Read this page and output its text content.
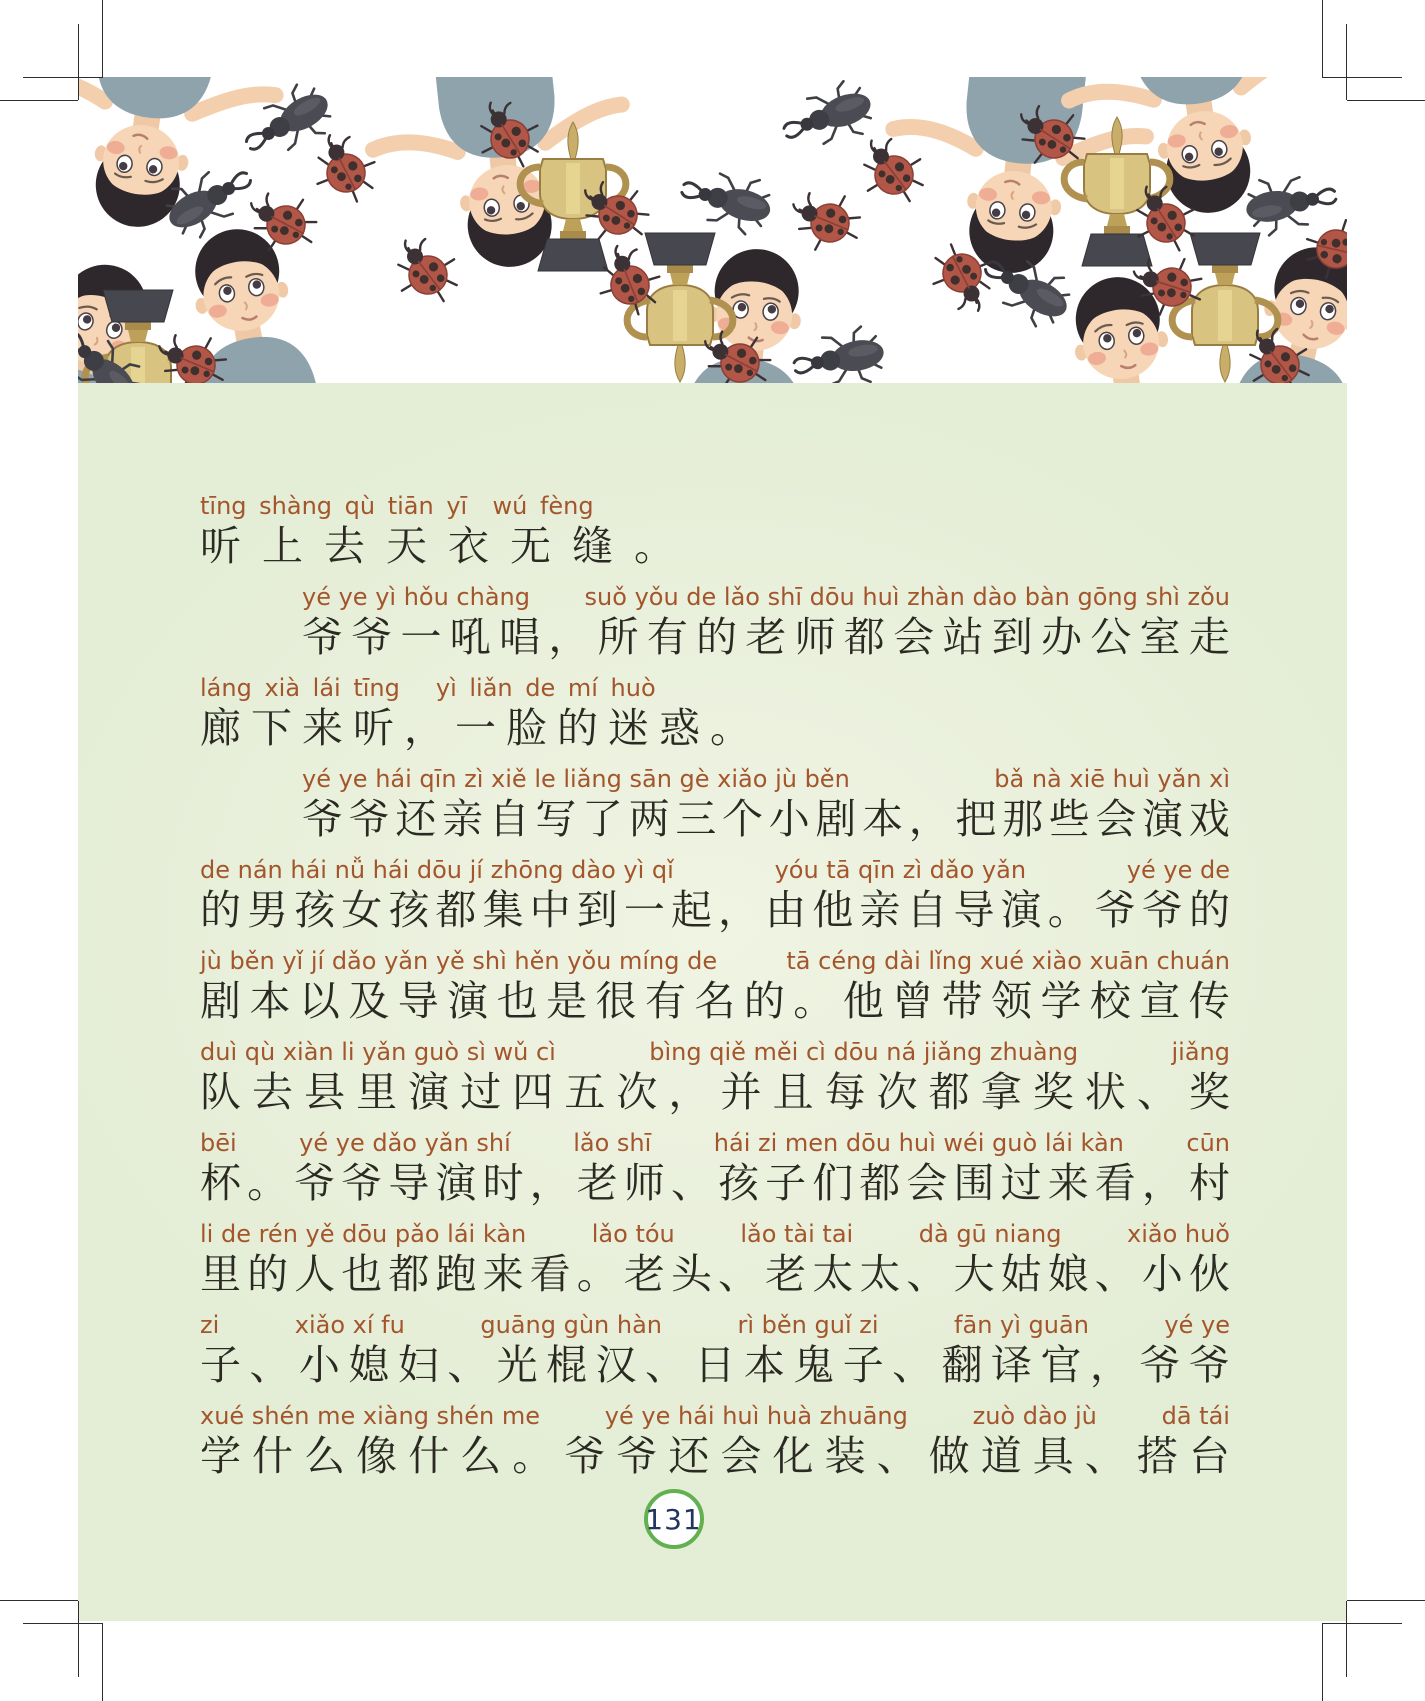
tīng shàng qù tiān yī  wú fèng
听 上 去 天 衣 无 缝 。
yé ye yì hǒu chàng suǒ yǒu de lǎo shī dōu huì zhàn dào bàn gōng shì zǒu
爷 爷 一 吼 唱 ， 所 有 的 老 师 都 会 站 到 办 公 室 走
láng xià lái tīng yì liǎn de mí huò
廊 下 来 听 ， 一 脸 的 迷 惑 。
yé ye hái qīn zì xiě le liǎng sān gè xiǎo jù běn	bǎ nà xiē huì yǎn xì
爷 爷 还 亲 自 写 了 两 三 个 小 剧 本 ， 把 那 些 会 演 戏
de nán hái nǚ hái dōu jí zhōng dào yì qǐ	yóu tā qīn zì dǎo yǎn	yé ye de
的 男 孩 女 孩 都 集 中 到 一 起 ， 由 他 亲 自 导 演 。 爷 爷 的
jù běn yǐ jí dǎo yǎn yě shì hěn yǒu míng de	tā céng dài lǐng xué xiào xuān chuán
剧 本 以 及 导 演 也 是 很 有 名 的 。 他 曾 带 领 学 校 宣 传
duì qù xiàn li yǎn guò sì wǔ cì	bìng qiě měi cì dōu ná jiǎng zhuàng	jiǎng
队 去 县 里 演 过 四 五 次 ， 并 且 每 次 都 拿 奖 状 、 奖
bēi	yé ye dǎo yǎn shí	lǎo shī	hái zi men dōu huì wéi guò lái kàn	cūn
杯 。 爷 爷 导 演 时 ， 老 师 、 孩 子 们 都 会 围 过 来 看 ， 村
li de rén yě dōu pǎo lái kàn	lǎo tóu	lǎo tài tai	dà gū niang	xiǎo huǒ
里 的 人 也 都 跑 来 看 。 老 头 、 老 太 太 、 大 姑 娘 、 小 伙
zi	xiǎo xí fu	guāng gùn hàn	rì běn guǐ zi	fān yì guān	yé ye
子 、 小 媳 妇 、 光 棍 汉 、 日 本 鬼 子 、 翻 译 官 ， 爷 爷
xué shén me xiàng shén me	yé ye hái huì huà zhuāng	zuò dào jù	dā tái
学 什 么 像 什 么 。 爷 爷 还 会 化 装 、 做 道 具 、 搭 台
131
